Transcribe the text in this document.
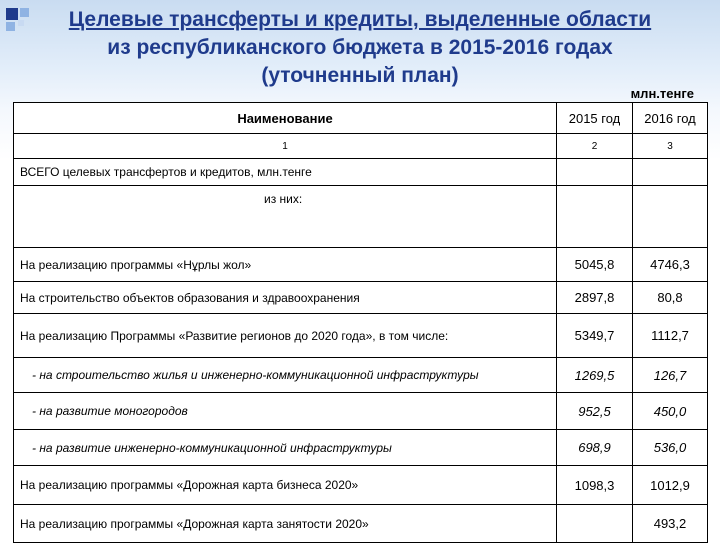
Целевые трансферты и кредиты, выделенные области
из республиканского бюджета в 2015-2016 годах
(уточненный план)
млн.тенге
Наименование	2015 год	2016 год
1	2	3
ВСЕГО целевых трансфертов и кредитов, млн.тенге		
из них:		
На реализацию программы «Нұрлы жол»	5045,8	4746,3
На строительство объектов образования и здравоохранения	2897,8	80,8
На реализацию Программы «Развитие регионов до 2020 года», в том числе:	5349,7	1112,7
- на строительство жилья и инженерно-коммуникационной инфраструктуры	1269,5	126,7
- на развитие моногородов	952,5	450,0
- на развитие инженерно-коммуникационной инфраструктуры	698,9	536,0
На реализацию программы «Дорожная карта бизнеса 2020»	1098,3	1012,9
На реализацию программы «Дорожная карта занятости 2020»		493,2
